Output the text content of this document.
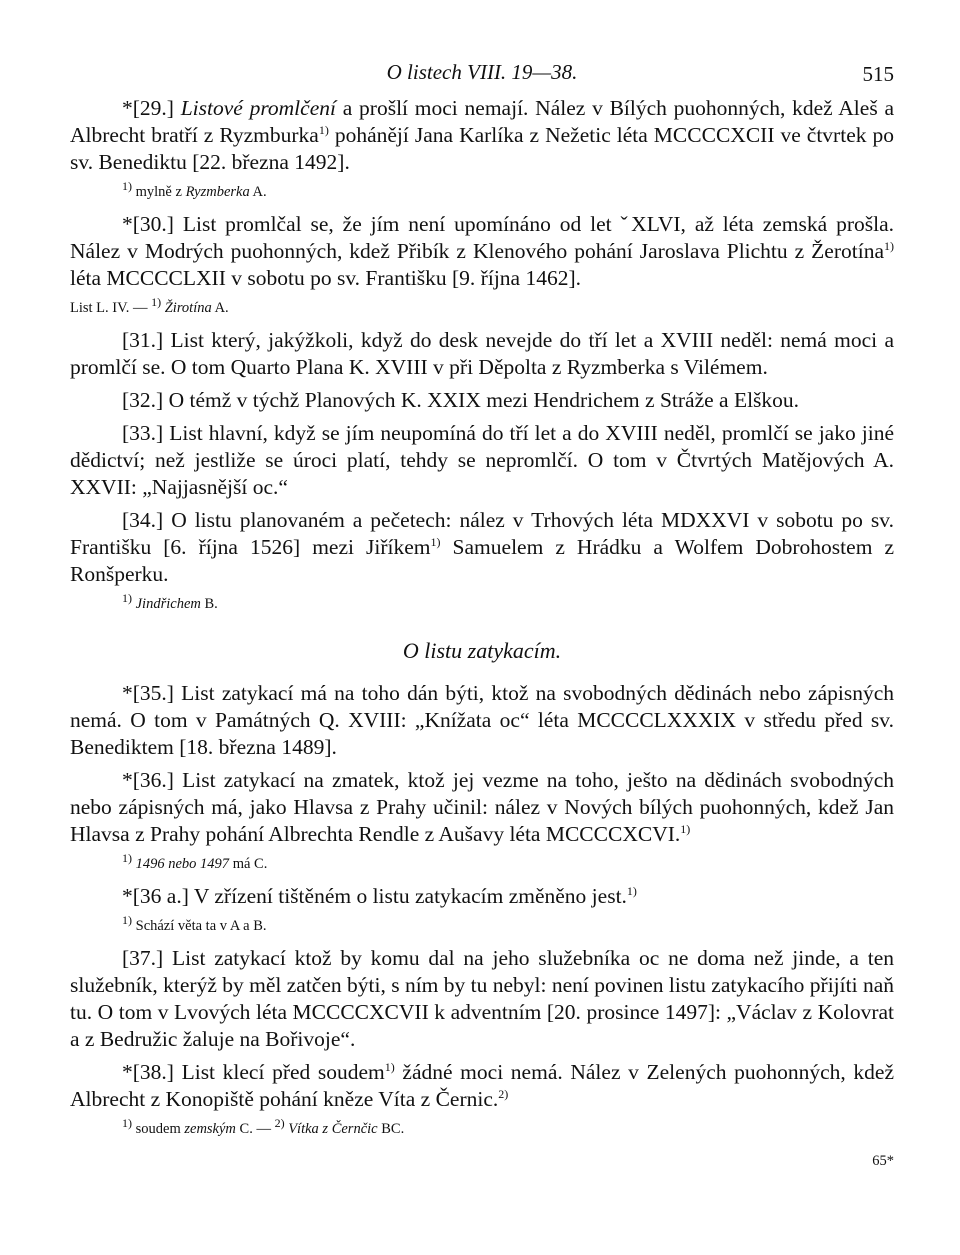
O listech VIII. 19—38.	515

*[29.] Listové promlčení a prošlí moci nemají. Nález v Bílých puohonných, kdež Aleš a Albrecht bratří z Ryzmburka$^{1)}$ pohánějí Jana Karlíka z Nežetic léta MCCCCXCII ve čtvrtek po sv. Benediktu [22. března 1492].

$^{1)}$ mylně z Ryzmberka A.

*[30.] List promlčal se, že jím není upomínáno od let ˇXLVI, až léta zemská prošla. Nález v Modrých puohonných, kdež Přibík z Klenového pohání Jaroslava Plichtu z Žerotína$^{1)}$ léta MCCCCLXII v sobotu po sv. Františku [9. října 1462].

List L. IV. — $^{1)}$ Žirotína A.

[31.] List který, jakýžkoli, když do desk nevejde do tří let a XVIII neděl: nemá moci a promlčí se. O tom Quarto Plana K. XVIII v při Děpolta z Ryzmberka s Vilémem.

[32.] O témž v týchž Planových K. XXIX mezi Hendrichem z Stráže a Elškou.

[33.] List hlavní, když se jím neupomíná do tří let a do XVIII neděl, promlčí se jako jiné dědictví; než jestliže se úroci platí, tehdy se nepromlčí. O tom v Čtvrtých Matějových A. XXVII: „Najjasnější oc.“

[34.] O listu planovaném a pečetech: nález v Trhových léta MDXXVI v sobotu po sv. Františku [6. října 1526] mezi Jiříkem$^{1)}$ Samuelem z Hrádku a Wolfem Dobrohostem z Ronšperku.

$^{1)}$ Jindřichem B.
O listu zatykacím.

*[35.] List zatykací má na toho dán býti, ktož na svobodných dědinách nebo zápisných nemá. O tom v Památných Q. XVIII: „Knížata oc“ léta MCCCCLXXXIX v středu před sv. Benediktem [18. března 1489].

*[36.] List zatykací na zmatek, ktož jej vezme na toho, ješto na dědinách svobodných nebo zápisných má, jako Hlavsa z Prahy učinil: nález v Nových bílých puohonných, kdež Jan Hlavsa z Prahy pohání Albrechta Rendle z Aušavy léta MCCCCXCVI.$^{1)}$

$^{1)}$ 1496 nebo 1497 má C.

*[36 a.] V zřízení tištěném o listu zatykacím změněno jest.$^{1)}$

$^{1)}$ Schází věta ta v A a B.

[37.] List zatykací ktož by komu dal na jeho služebníka oc ne doma než jinde, a ten služebník, kterýž by měl zatčen býti, s ním by tu nebyl: není povinen listu zatykacího přijíti naň tu. O tom v Lvových léta MCCCCXCVII k adventním [20. prosince 1497]: „Václav z Kolovrat a z Bedružic žaluje na Bořivoje“.

*[38.] List klecí před soudem$^{1)}$ žádné moci nemá. Nález v Zelených puohonných, kdež Albrecht z Konopiště pohání kněze Víta z Černic.$^{2)}$

$^{1)}$ soudem zemským C. — $^{2)}$ Vítka z Černčic BC.
65*
